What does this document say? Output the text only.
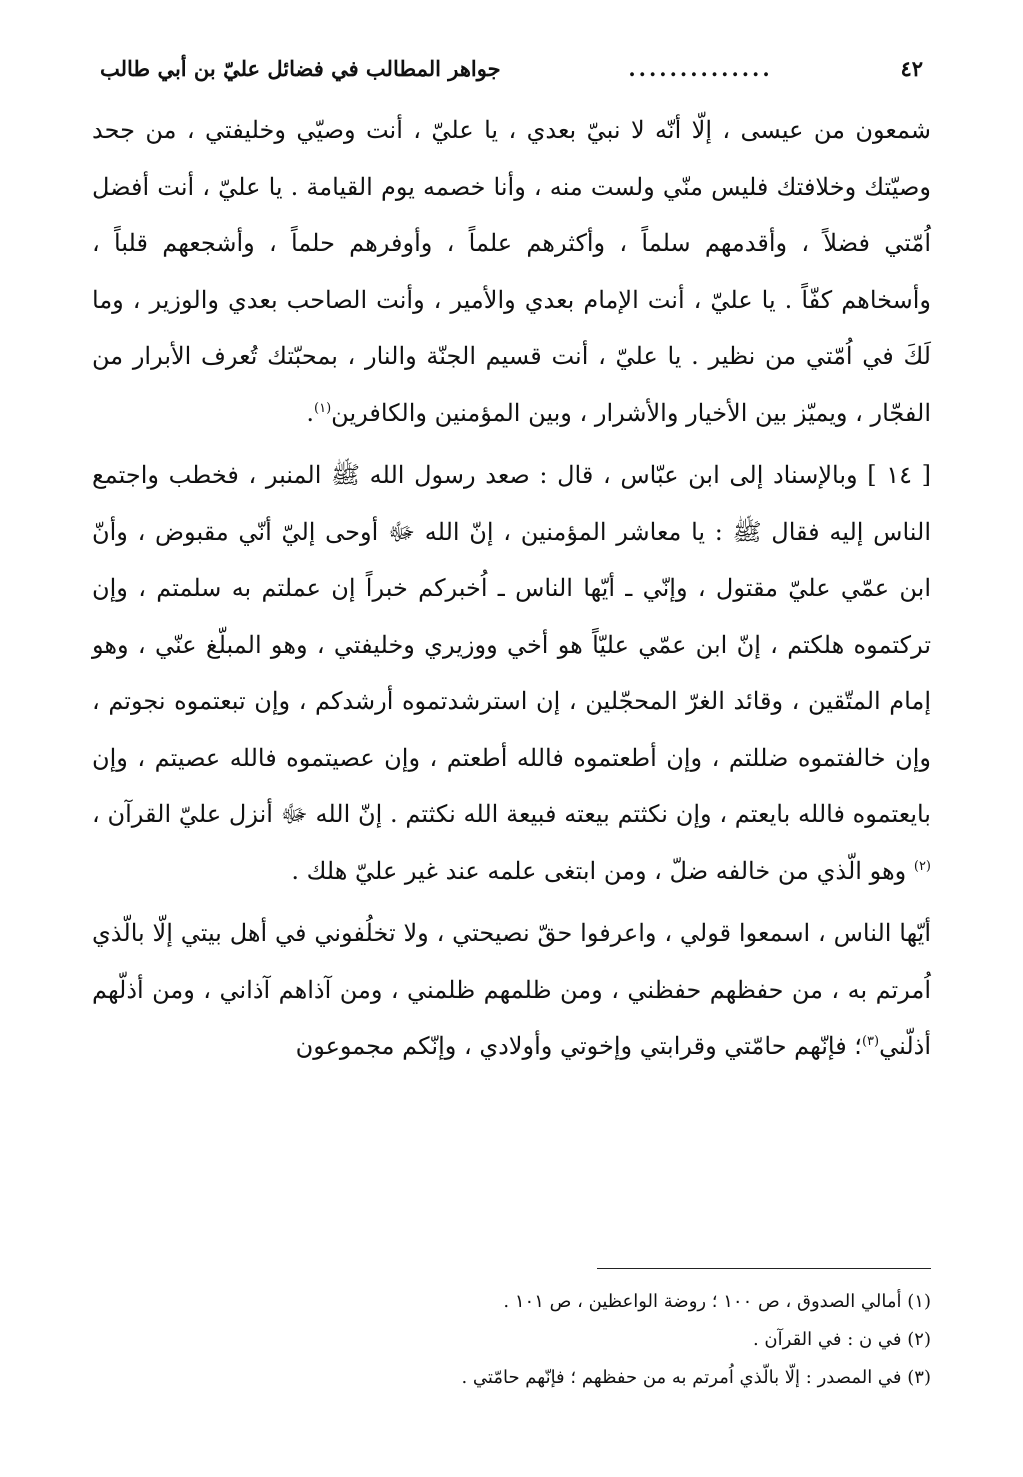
٤٢
..............
جواهر المطالب في فضائل عليّ بن أبي طالب

شمعون من عيسى ، إلّا أنّه لا نبيّ بعدي ، يا عليّ ، أنت وصيّي وخليفتي ، من جحد وصيّتك وخلافتك فليس منّي ولست منه ، وأنا خصمه يوم القيامة . يا عليّ ، أنت أفضل اُمّتي فضلاً ، وأقدمهم سلماً ، وأكثرهم علماً ، وأوفرهم حلماً ، وأشجعهم قلباً ، وأسخاهم كفّاً . يا عليّ ، أنت الإمام بعدي والأمير ، وأنت الصاحب بعدي والوزير ، وما لَكَ في اُمّتي من نظير . يا عليّ ، أنت قسيم الجنّة والنار ، بمحبّتك تُعرف الأبرار من الفجّار ، ويميّز بين الأخيار والأشرار ، وبين المؤمنين والكافرين$^{(١)}$.

[ ١٤ ] وبالإسناد إلى ابن عبّاس ، قال : صعد رسول الله ﷺ المنبر ، فخطب واجتمع الناس إليه فقال ﷺ : يا معاشر المؤمنين ، إنّ الله ﷻ أوحى إليّ أنّي مقبوض ، وأنّ ابن عمّي عليّ مقتول ، وإنّي ـ أيّها الناس ـ اُخبركم خبراً إن عملتم به سلمتم ، وإن تركتموه هلكتم ، إنّ ابن عمّي عليّاً هو أخي ووزيري وخليفتي ، وهو المبلّغ عنّي ، وهو إمام المتّقين ، وقائد الغرّ المحجّلين ، إن استرشدتموه أرشدكم ، وإن تبعتموه نجوتم ، وإن خالفتموه ضللتم ، وإن أطعتموه فالله أطعتم ، وإن عصيتموه فالله عصيتم ، وإن بايعتموه فالله بايعتم ، وإن نكثتم بيعته فبيعة الله نكثتم . إنّ الله ﷻ أنزل عليّ القرآن ،$^{(٢)}$ وهو الّذي من خالفه ضلّ ، ومن ابتغى علمه عند غير عليّ هلك .

أيّها الناس ، اسمعوا قولي ، واعرفوا حقّ نصيحتي ، ولا تخلُفوني في أهل بيتي إلّا بالّذي اُمرتم به ، من حفظهم حفظني ، ومن ظلمهم ظلمني ، ومن آذاهم آذاني ، ومن أذلّهم أذلّني$^{(٣)}$؛ فإنّهم حامّتي وقرابتي وإخوتي وأولادي ، وإنّكم مجموعون

(١) أمالي الصدوق ، ص ١٠٠ ؛ روضة الواعظين ، ص ١٠١ .
(٢) في ن : في القرآن .
(٣) في المصدر : إلّا بالّذي اُمرتم به من حفظهم ؛ فإنّهم حامّتي .
